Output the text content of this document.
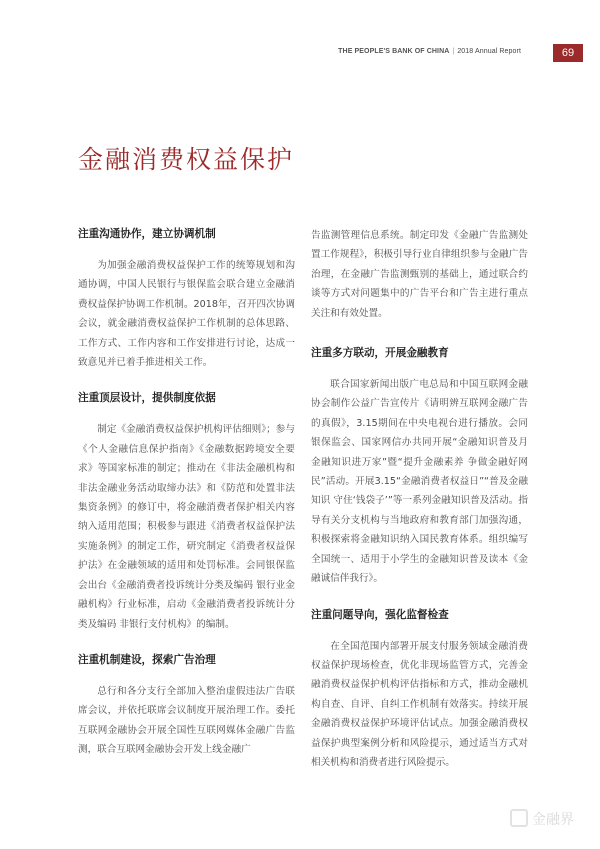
THE PEOPLE'S BANK OF CHINA | 2018 Annual Report	69
金融消费权益保护
注重沟通协作，建立协调机制

为加强金融消费权益保护工作的统筹规划和沟通协调，中国人民银行与银保监会联合建立金融消费权益保护协调工作机制。2018年，召开四次协调会议，就金融消费权益保护工作机制的总体思路、工作方式、工作内容和工作安排进行讨论，达成一致意见并已着手推进相关工作。

注重顶层设计，提供制度依据

制定《金融消费权益保护机构评估细则》；参与《个人金融信息保护指南》《金融数据跨境安全要求》等国家标准的制定；推动在《非法金融机构和非法金融业务活动取缔办法》和《防范和处置非法集资条例》的修订中，将金融消费者保护相关内容纳入适用范围；积极参与跟进《消费者权益保护法实施条例》的制定工作，研究制定《消费者权益保护法》在金融领域的适用和处罚标准。会同银保监会出台《金融消费者投诉统计分类及编码 银行业金融机构》行业标准，启动《金融消费者投诉统计分类及编码 非银行支付机构》的编制。

注重机制建设，探索广告治理

总行和各分支行全部加入整治虚假违法广告联席会议，并依托联席会议制度开展治理工作。委托互联网金融协会开展全国性互联网媒体金融广告监测，联合互联网金融协会开发上线金融广

告监测管理信息系统。制定印发《金融广告监测处置工作规程》，积极引导行业自律组织参与金融广告治理，在金融广告监测甄别的基础上，通过联合约谈等方式对问题集中的广告平台和广告主进行重点关注和有效处置。

注重多方联动，开展金融教育

联合国家新闻出版广电总局和中国互联网金融协会制作公益广告宣传片《请明辨互联网金融广告的真假》，3.15期间在中央电视台进行播放。会同银保监会、国家网信办共同开展“金融知识普及月 金融知识进万家”暨“提升金融素养 争做金融好网民”活动。开展3.15“金融消费者权益日”“普及金融知识 守住‘钱袋子’”等一系列金融知识普及活动。指导有关分支机构与当地政府和教育部门加强沟通，积极探索将金融知识纳入国民教育体系。组织编写全国统一、适用于小学生的金融知识普及读本《金融诚信伴我行》。

注重问题导向，强化监督检查

在全国范围内部署开展支付服务领域金融消费权益保护现场检查，优化非现场监管方式，完善金融消费权益保护机构评估指标和方式，推动金融机构自查、自评、自纠工作机制有效落实。持续开展金融消费权益保护环境评估试点。加强金融消费权益保护典型案例分析和风险提示，通过适当方式对相关机构和消费者进行风险提示。

金融界
